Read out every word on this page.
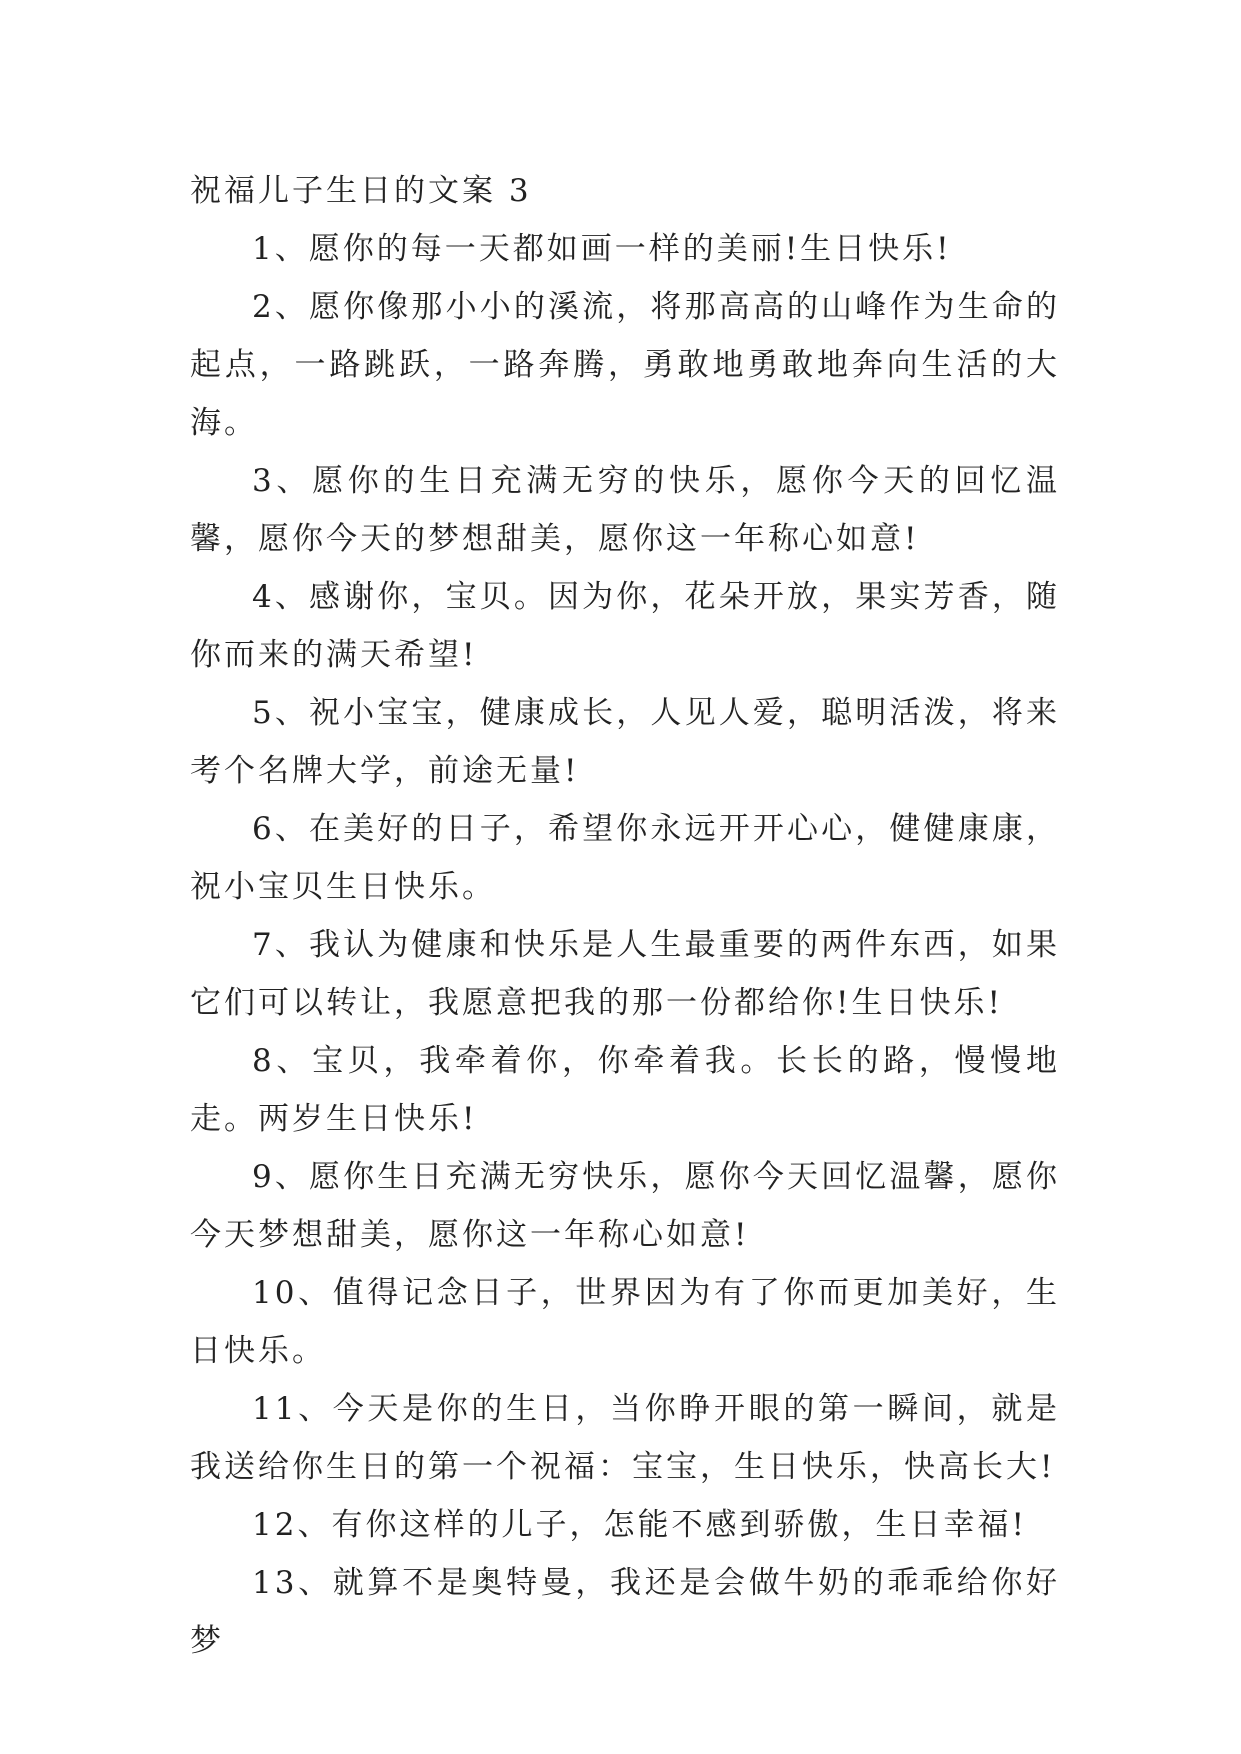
祝福儿子生日的文案 3

1、愿你的每一天都如画一样的美丽!生日快乐!

2、愿你像那小小的溪流，将那高高的山峰作为生命的起点，一路跳跃，一路奔腾，勇敢地勇敢地奔向生活的大海。

3、愿你的生日充满无穷的快乐，愿你今天的回忆温馨，愿你今天的梦想甜美，愿你这一年称心如意!

4、感谢你，宝贝。因为你，花朵开放，果实芳香，随你而来的满天希望!

5、祝小宝宝，健康成长，人见人爱，聪明活泼，将来考个名牌大学，前途无量!

6、在美好的日子，希望你永远开开心心，健健康康，祝小宝贝生日快乐。

7、我认为健康和快乐是人生最重要的两件东西，如果它们可以转让，我愿意把我的那一份都给你!生日快乐!

8、宝贝，我牵着你，你牵着我。长长的路，慢慢地走。两岁生日快乐!

9、愿你生日充满无穷快乐，愿你今天回忆温馨，愿你今天梦想甜美，愿你这一年称心如意!

10、值得记念日子，世界因为有了你而更加美好，生日快乐。

11、今天是你的生日，当你睁开眼的第一瞬间，就是我送给你生日的第一个祝福：宝宝，生日快乐，快高长大!

12、有你这样的儿子，怎能不感到骄傲，生日幸福!

13、就算不是奥特曼，我还是会做牛奶的乖乖给你好梦
